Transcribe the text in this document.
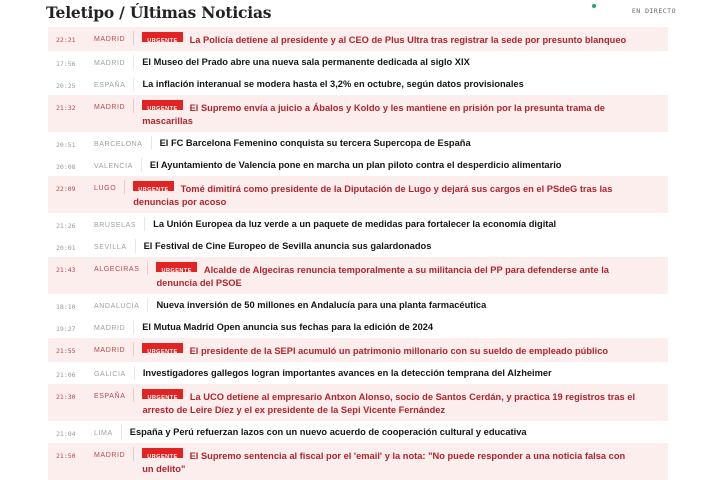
Teletipo / Últimas Noticias	EN DIRECTO
22:21	MADRID	URGENTE La Policía detiene al presidente y al CEO de Plus Ultra tras registrar la sede por presunto blanqueo
17:56	MADRID	El Museo del Prado abre una nueva sala permanente dedicada al siglo XIX
20:25	ESPAÑA	La inflación interanual se modera hasta el 3,2% en octubre, según datos provisionales
21:32	MADRID	URGENTE El Supremo envía a juicio a Ábalos y Koldo y les mantiene en prisión por la presunta trama de mascarillas
20:51	BARCELONA	El FC Barcelona Femenino conquista su tercera Supercopa de España
20:08	VALENCIA	El Ayuntamiento de Valencia pone en marcha un plan piloto contra el desperdicio alimentario
22:09	LUGO	URGENTE Tomé dimitirá como presidente de la Diputación de Lugo y dejará sus cargos en el PSdeG tras las denuncias por acoso
21:26	BRUSELAS	La Unión Europea da luz verde a un paquete de medidas para fortalecer la economía digital
20:01	SEVILLA	El Festival de Cine Europeo de Sevilla anuncia sus galardonados
21:43	ALGECIRAS	URGENTE Alcalde de Algeciras renuncia temporalmente a su militancia del PP para defenderse ante la denuncia del PSOE
18:10	ANDALUCIA	Nueva inversión de 50 millones en Andalucía para una planta farmacéutica
19:27	MADRID	El Mutua Madrid Open anuncia sus fechas para la edición de 2024
21:55	MADRID	URGENTE El presidente de la SEPI acumuló un patrimonio millonario con su sueldo de empleado público
21:06	GALICIA	Investigadores gallegos logran importantes avances en la detección temprana del Alzheimer
21:30	ESPAÑA	URGENTE La UCO detiene al empresario Antxon Alonso, socio de Santos Cerdán, y practica 19 registros tras el arresto de Leire Díez y el ex presidente de la Sepi Vicente Fernández
21:04	LIMA	España y Perú refuerzan lazos con un nuevo acuerdo de cooperación cultural y educativa
21:50	MADRID	URGENTE El Supremo sentencia al fiscal por el 'email' y la nota: "No puede responder a una noticia falsa con un delito"
